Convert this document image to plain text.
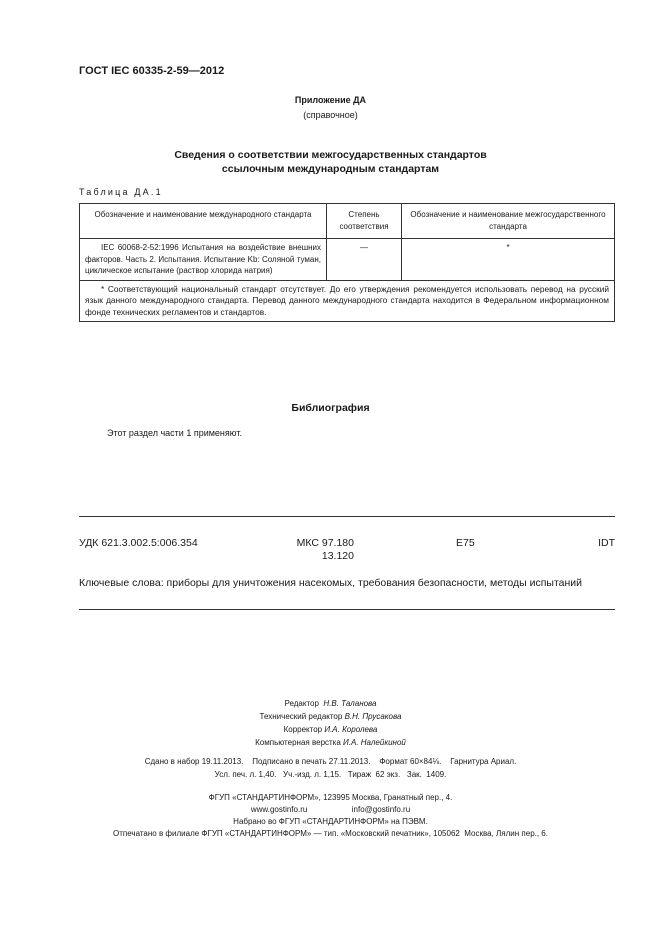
ГОСТ IEC 60335-2-59—2012
Приложение ДА
(справочное)
Сведения о соответствии межгосударственных стандартов
ссылочным международным стандартам
Таблица ДА.1
Обозначение и наименование международного стандарта	Степень соответствия	Обозначение и наименование межгосударственного стандарта
IEC 60068-2-52:1996 Испытания на воздействие внешних факторов. Часть 2. Испытания. Испытание Kb: Соляной туман, циклическое испытание (раствор хлорида натрия)	—	*
* Соответствующий национальный стандарт отсутствует. До его утверждения рекомендуется использовать перевод на русский язык данного международного стандарта. Перевод данного международного стандарта находится в Федеральном информационном фонде технических регламентов и стандартов.		
Библиография
Этот раздел части 1 применяют.
УДК 621.3.002.5:006.354	МКС 97.180
13.120
E75	IDT
Ключевые слова: приборы для уничтожения насекомых, требования безопасности, методы испытаний
Редактор Н.В. Таланова
Технический редактор В.Н. Прусакова
Корректор И.А. Королева
Компьютерная верстка И.А. Налейкиной
Сдано в набор 19.11.2013.    Подписано в печать 27.11.2013.    Формат 60×84⅛.    Гарнитура Ариал.
Усл. печ. л. 1,40.   Уч.-изд. л. 1,15.   Тираж  62 экз.   Зак.  1409.
ФГУП «СТАНДАРТИНФОРМ», 123995 Москва, Гранатный пер., 4.
www.gostinfo.ru	info@gostinfo.ru
Набрано во ФГУП «СТАНДАРТИНФОРМ» на ПЭВМ.
Отпечатано в филиале ФГУП «СТАНДАРТИНФОРМ» — тип. «Московский печатник», 105062  Москва, Лялин пер., 6.
